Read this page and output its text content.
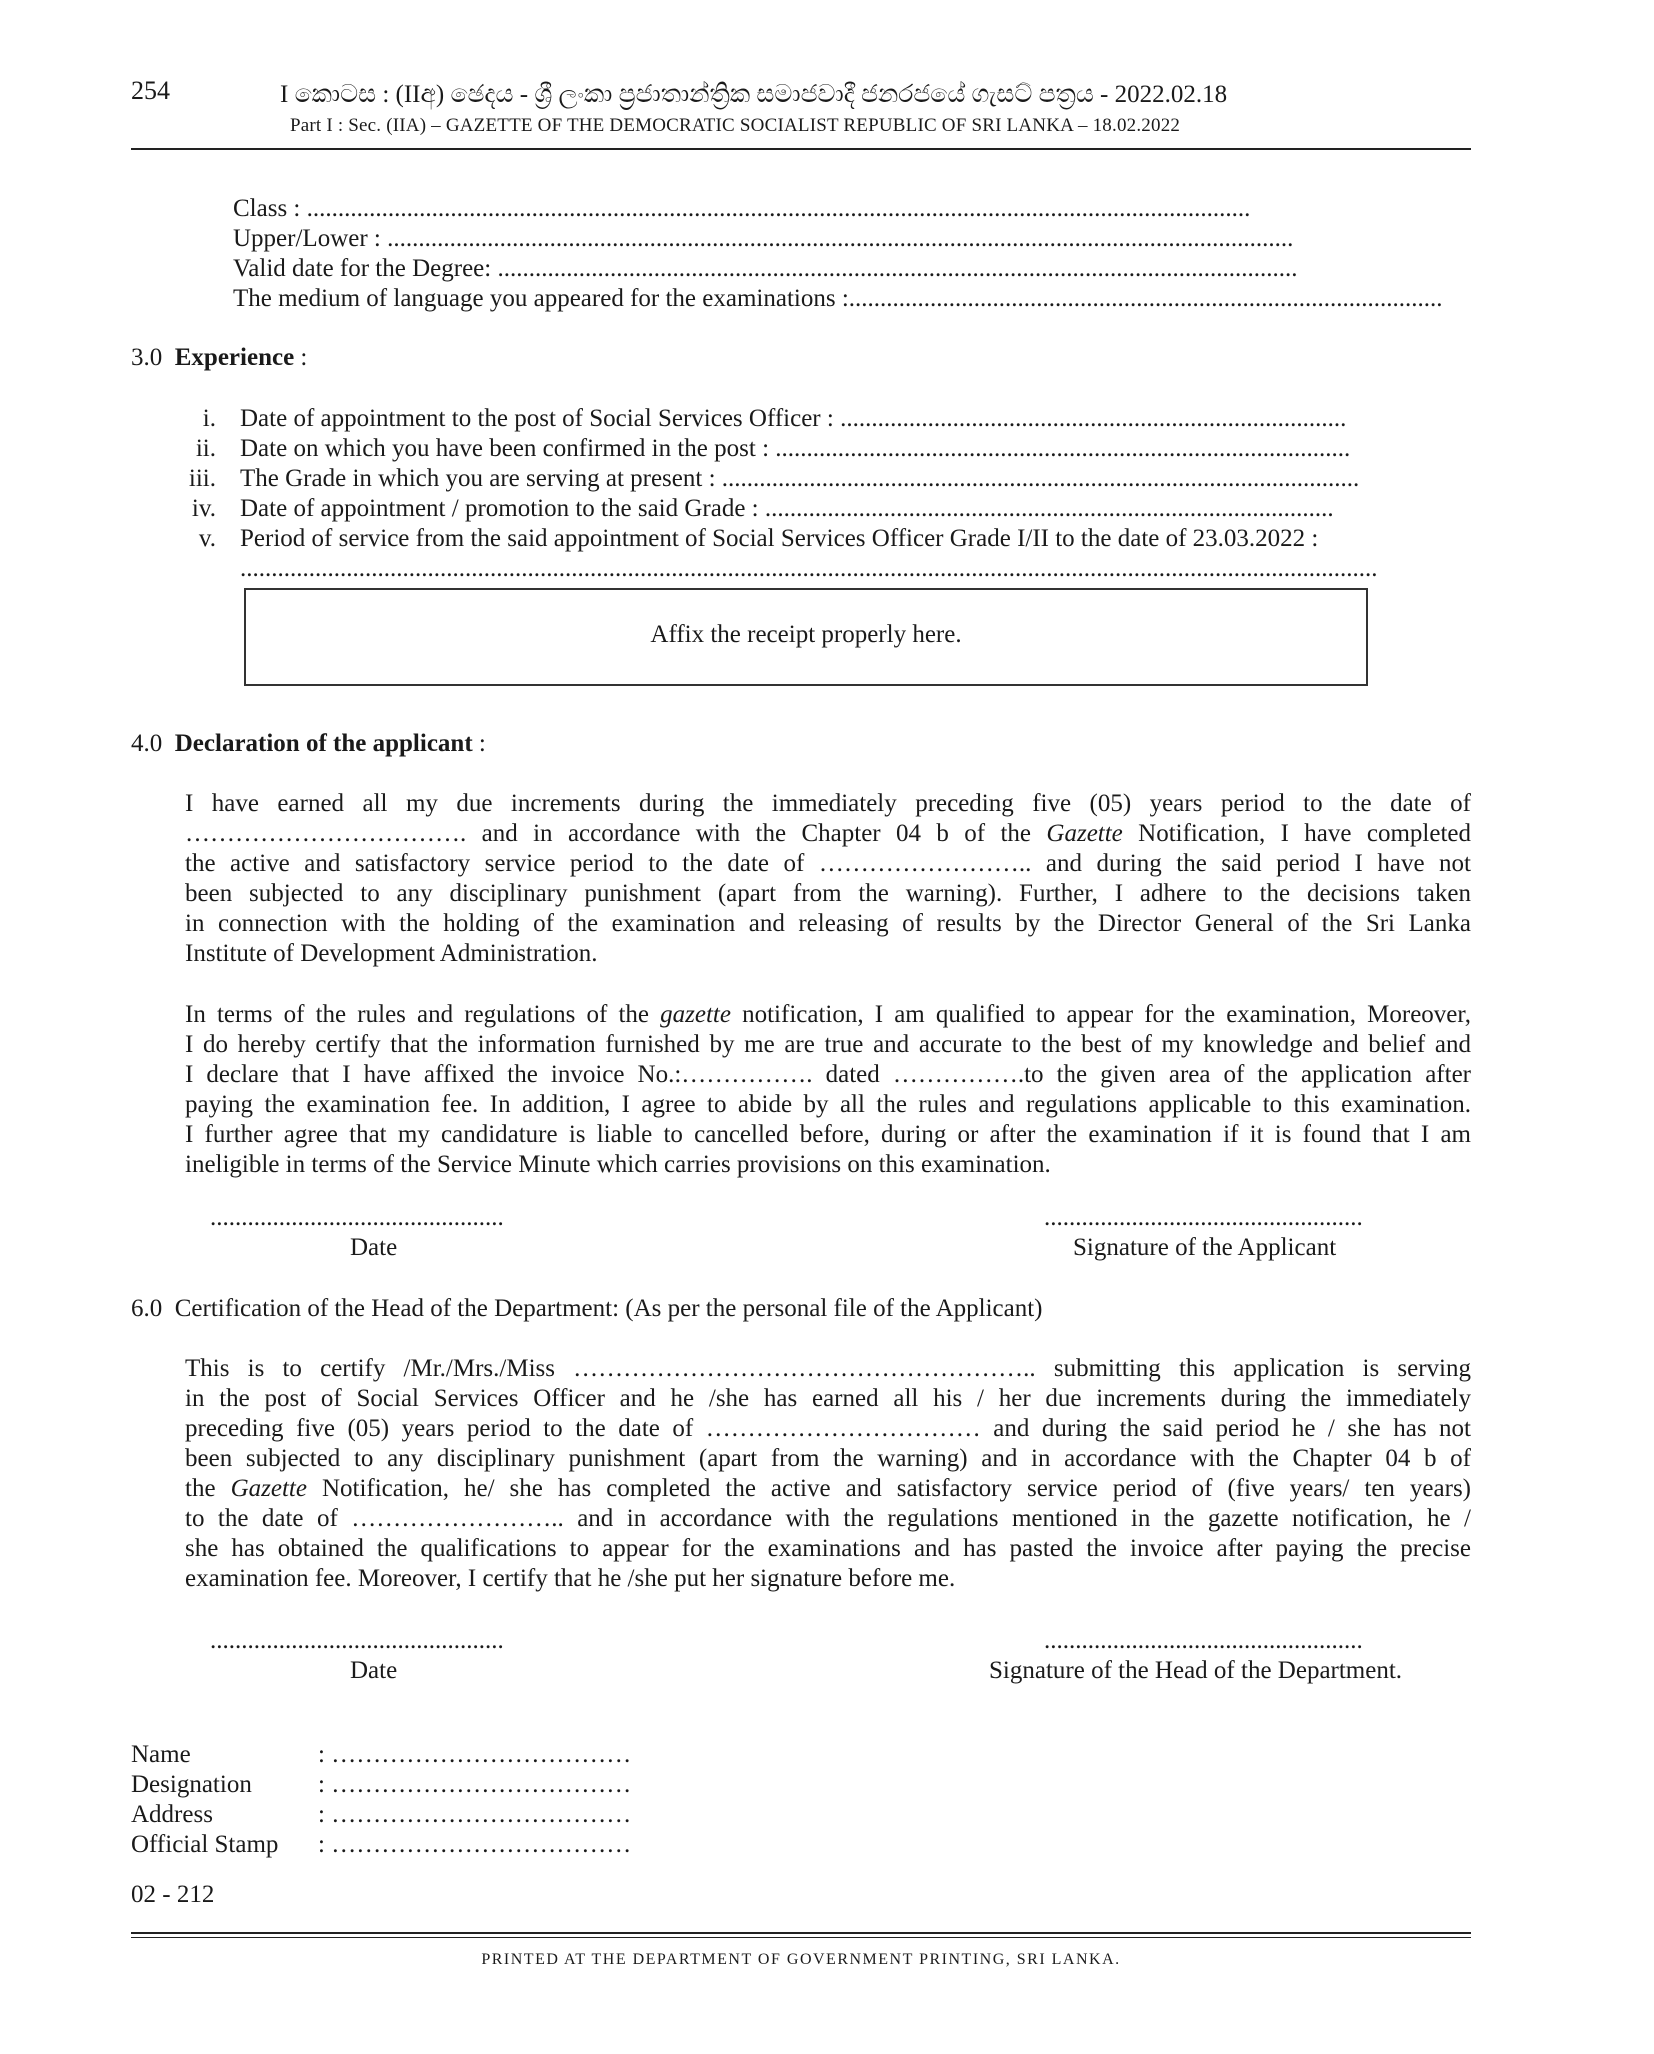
254	I කොටස : (IIඅ) ඡෙදය - ශ්‍රී ලංකා ප්‍රජාතාන්ත්‍රික සමාජවාදී ජනරජයේ ගැසට් පත්‍රය - 2022.02.18
Part I : Sec. (IIA) – GAZETTE OF THE DEMOCRATIC SOCIALIST REPUBLIC OF SRI LANKA – 18.02.2022
Class : .......................................................................................................................................................
Upper/Lower : .................................................................................................................................................
Valid date for the Degree: ................................................................................................................................
The medium of language you appeared for the examinations :...............................................................................................
3.0 Experience :
i. Date of appointment to the post of Social Services Officer : .................................................................................
ii. Date on which you have been confirmed in the post : ............................................................................................
iii. The Grade in which you are serving at present : ......................................................................................................
iv. Date of appointment / promotion to the said Grade : ...........................................................................................
v. Period of service from the said appointment of Social Services Officer Grade I/II to the date of 23.03.2022 :
......................................................................................................................................................................................
Affix the receipt properly here.
4.0 Declaration of the applicant :
I have earned all my due increments during the immediately preceding five (05) years period to the date of
……………………………. and in accordance with the Chapter 04 b of the Gazette Notification, I have completed
the active and satisfactory service period to the date of …………………….. and during the said period I have not
been subjected to any disciplinary punishment (apart from the warning). Further, I adhere to the decisions taken
in connection with the holding of the examination and releasing of results by the Director General of the Sri Lanka
Institute of Development Administration.
In terms of the rules and regulations of the gazette notification, I am qualified to appear for the examination, Moreover,
I do hereby certify that the information furnished by me are true and accurate to the best of my knowledge and belief and
I declare that I have affixed the invoice No.:……………. dated …………….to the given area of the application after
paying the examination fee. In addition, I agree to abide by all the rules and regulations applicable to this examination.
I further agree that my candidature is liable to cancelled before, during or after the examination if it is found that I am
ineligible in terms of the Service Minute which carries provisions on this examination.
...............................................
Date
...................................................
Signature of the Applicant
6.0 Certification of the Head of the Department: (As per the personal file of the Applicant)
This is to certify /Mr./Mrs./Miss ……………………………………………….. submitting this application is serving
in the post of Social Services Officer and he /she has earned all his / her due increments during the immediately
preceding five (05) years period to the date of …………………………… and during the said period he / she has not
been subjected to any disciplinary punishment (apart from the warning) and in accordance with the Chapter 04 b of
the Gazette Notification, he/ she has completed the active and satisfactory service period of (five years/ ten years)
to the date of …………………….. and in accordance with the regulations mentioned in the gazette notification, he /
she has obtained the qualifications to appear for the examinations and has pasted the invoice after paying the precise
examination fee. Moreover, I certify that he /she put her signature before me.
...............................................
Date
...................................................
Signature of the Head of the Department.
Name	: ………………………………
Designation	: ………………………………
Address	: ………………………………
Official Stamp	: ………………………………
02 - 212
PRINTED AT THE DEPARTMENT OF GOVERNMENT PRINTING, SRI LANKA.
